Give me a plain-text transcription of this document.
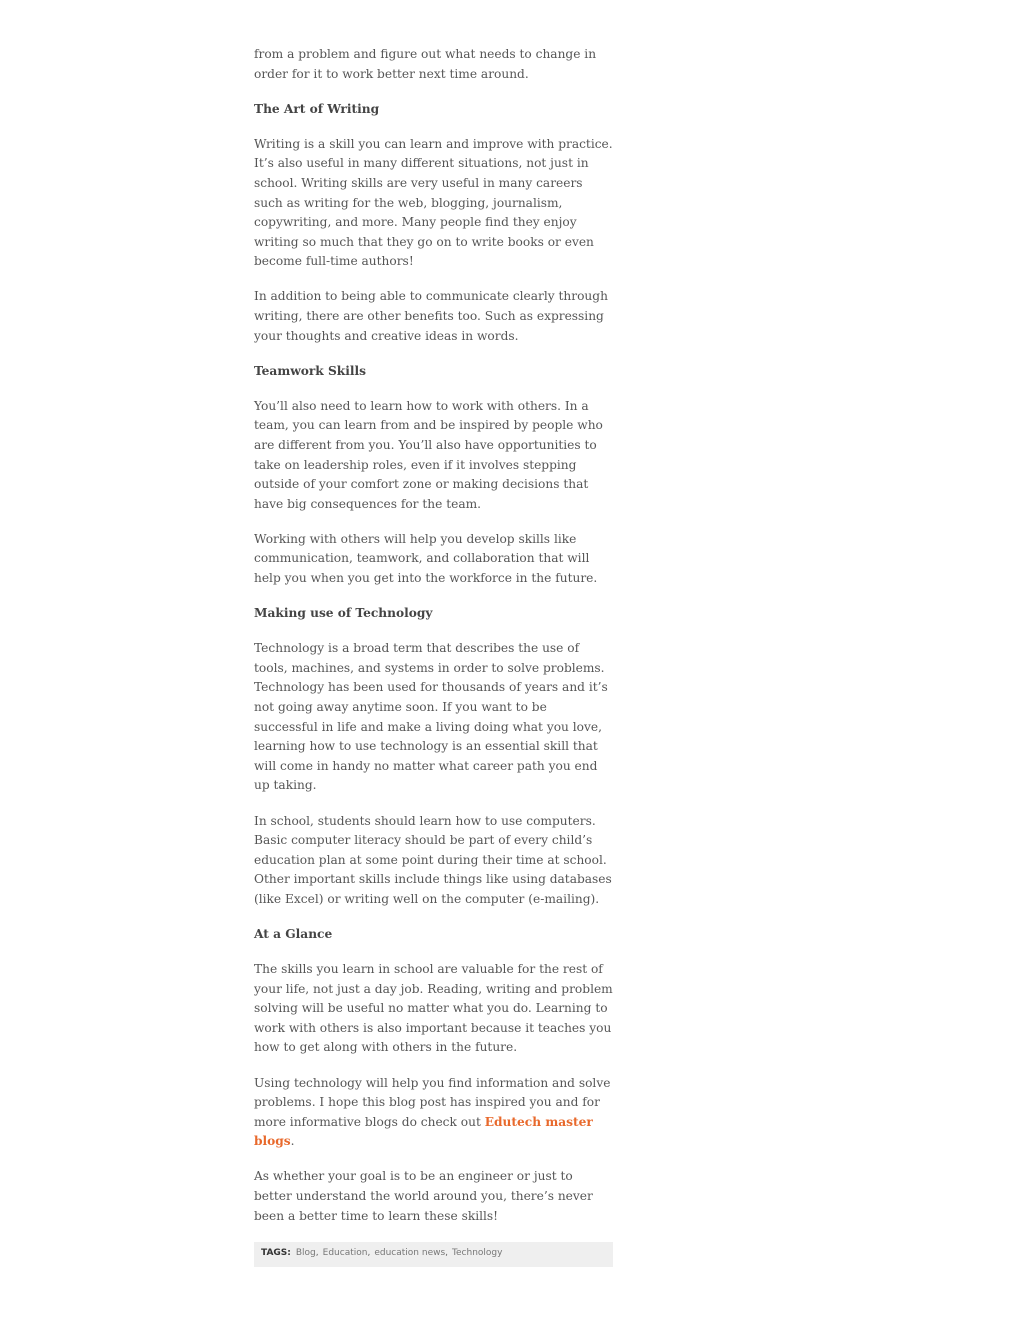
from a problem and figure out what needs to change in order for it to work better next time around.

The Art of Writing

Writing is a skill you can learn and improve with practice. It’s also useful in many different situations, not just in school. Writing skills are very useful in many careers such as writing for the web, blogging, journalism, copywriting, and more. Many people find they enjoy writing so much that they go on to write books or even become full-time authors!

In addition to being able to communicate clearly through writing, there are other benefits too. Such as expressing your thoughts and creative ideas in words.

Teamwork Skills

You’ll also need to learn how to work with others. In a team, you can learn from and be inspired by people who are different from you. You’ll also have opportunities to take on leadership roles, even if it involves stepping outside of your comfort zone or making decisions that have big consequences for the team.

Working with others will help you develop skills like communication, teamwork, and collaboration that will help you when you get into the workforce in the future.

Making use of Technology

Technology is a broad term that describes the use of tools, machines, and systems in order to solve problems. Technology has been used for thousands of years and it’s not going away anytime soon. If you want to be successful in life and make a living doing what you love, learning how to use technology is an essential skill that will come in handy no matter what career path you end up taking.

In school, students should learn how to use computers. Basic computer literacy should be part of every child’s education plan at some point during their time at school. Other important skills include things like using databases (like Excel) or writing well on the computer (e-mailing).

At a Glance

The skills you learn in school are valuable for the rest of your life, not just a day job. Reading, writing and problem solving will be useful no matter what you do. Learning to work with others is also important because it teaches you how to get along with others in the future.

Using technology will help you find information and solve problems. I hope this blog post has inspired you and for more informative blogs do check out Edutech master blogs.

As whether your goal is to be an engineer or just to better understand the world around you, there’s never been a better time to learn these skills!

TAGS: Blog , Education , education news , Technology
